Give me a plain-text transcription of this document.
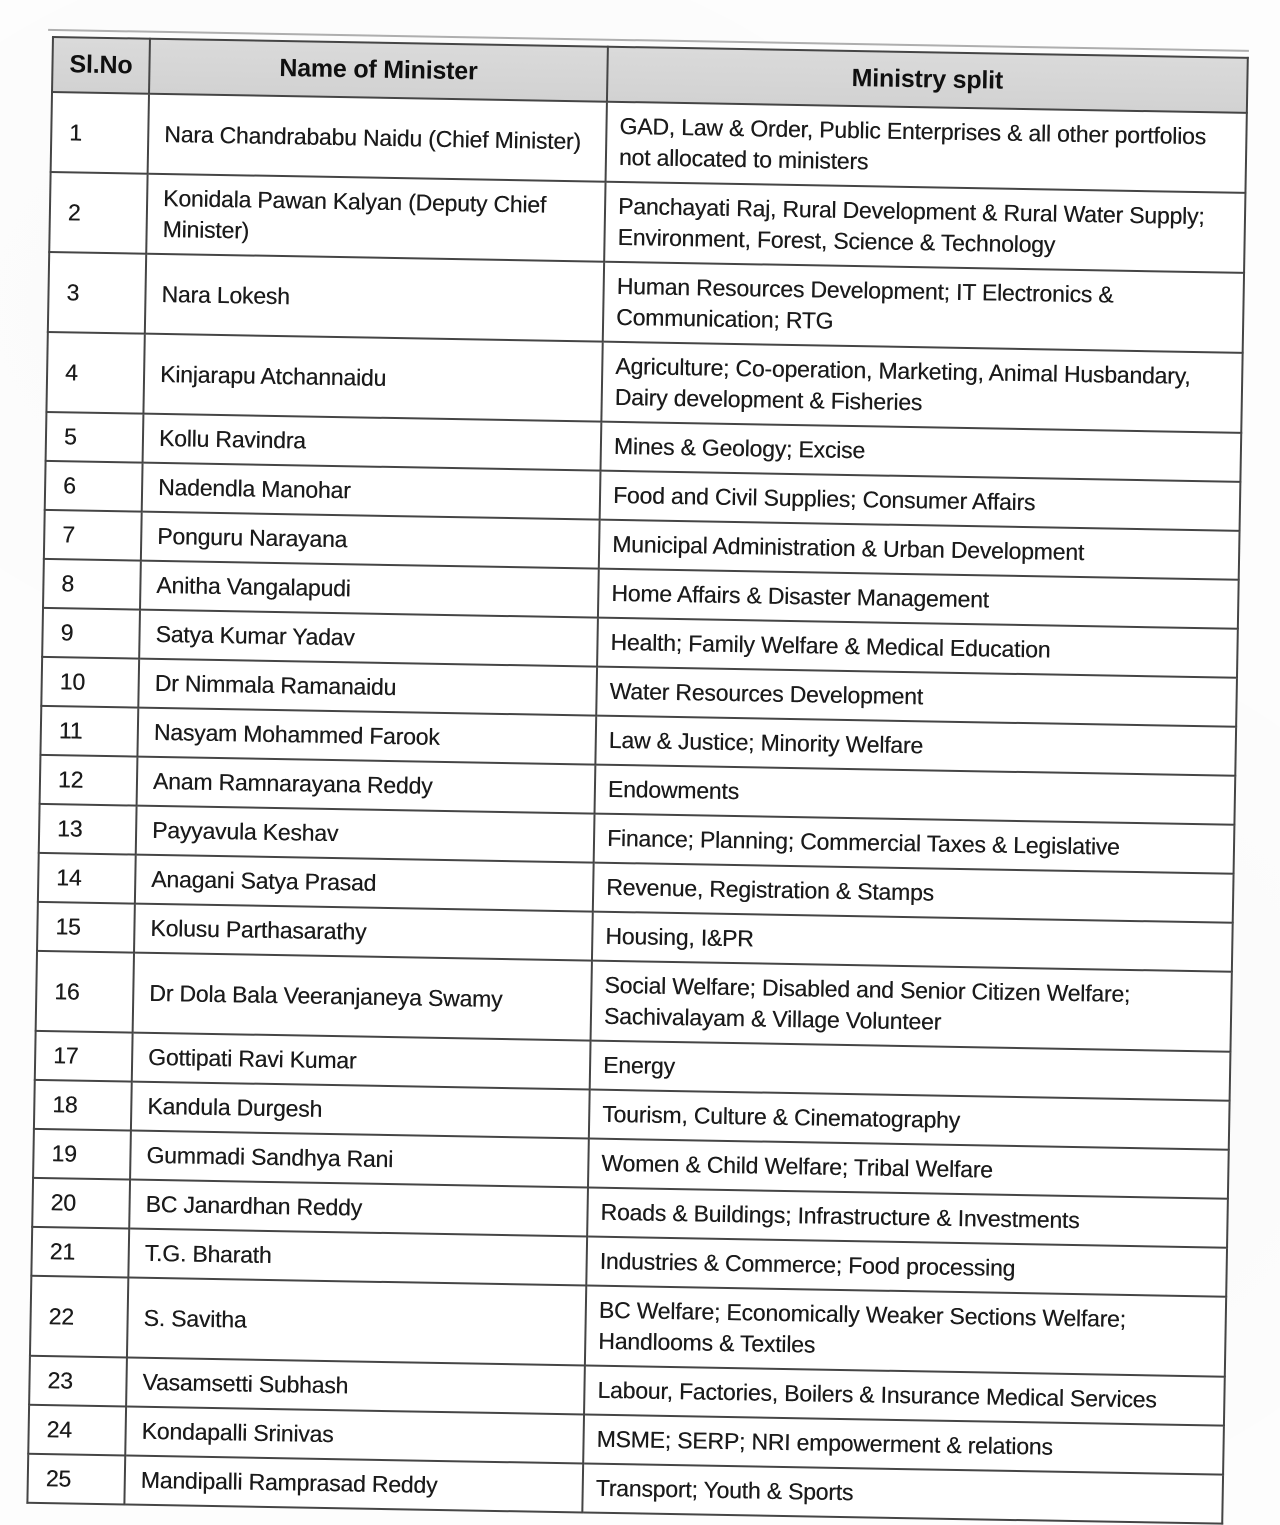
Sl.No	Name of Minister	Ministry split
1	Nara Chandrababu Naidu (Chief Minister)	GAD, Law & Order, Public Enterprises & all other portfolios not allocated to ministers
2	Konidala Pawan Kalyan (Deputy Chief Minister)	Panchayati Raj, Rural Development & Rural Water Supply; Environment, Forest, Science & Technology
3	Nara Lokesh	Human Resources Development; IT Electronics & Communication; RTG
4	Kinjarapu Atchannaidu	Agriculture; Co-operation, Marketing, Animal Husbandary, Dairy development & Fisheries
5	Kollu Ravindra	Mines & Geology; Excise
6	Nadendla Manohar	Food and Civil Supplies; Consumer Affairs
7	Ponguru Narayana	Municipal Administration & Urban Development
8	Anitha Vangalapudi	Home Affairs & Disaster Management
9	Satya Kumar Yadav	Health; Family Welfare & Medical Education
10	Dr Nimmala Ramanaidu	Water Resources Development
11	Nasyam Mohammed Farook	Law & Justice; Minority Welfare
12	Anam Ramnarayana Reddy	Endowments
13	Payyavula Keshav	Finance; Planning; Commercial Taxes & Legislative
14	Anagani Satya Prasad	Revenue, Registration & Stamps
15	Kolusu Parthasarathy	Housing, I&PR
16	Dr Dola Bala Veeranjaneya Swamy	Social Welfare; Disabled and Senior Citizen Welfare; Sachivalayam & Village Volunteer
17	Gottipati Ravi Kumar	Energy
18	Kandula Durgesh	Tourism, Culture & Cinematography
19	Gummadi Sandhya Rani	Women & Child Welfare; Tribal Welfare
20	BC Janardhan Reddy	Roads & Buildings; Infrastructure & Investments
21	T.G. Bharath	Industries & Commerce; Food processing
22	S. Savitha	BC Welfare; Economically Weaker Sections Welfare; Handlooms & Textiles
23	Vasamsetti Subhash	Labour, Factories, Boilers & Insurance Medical Services
24	Kondapalli Srinivas	MSME; SERP; NRI empowerment & relations
25	Mandipalli Ramprasad Reddy	Transport; Youth & Sports
